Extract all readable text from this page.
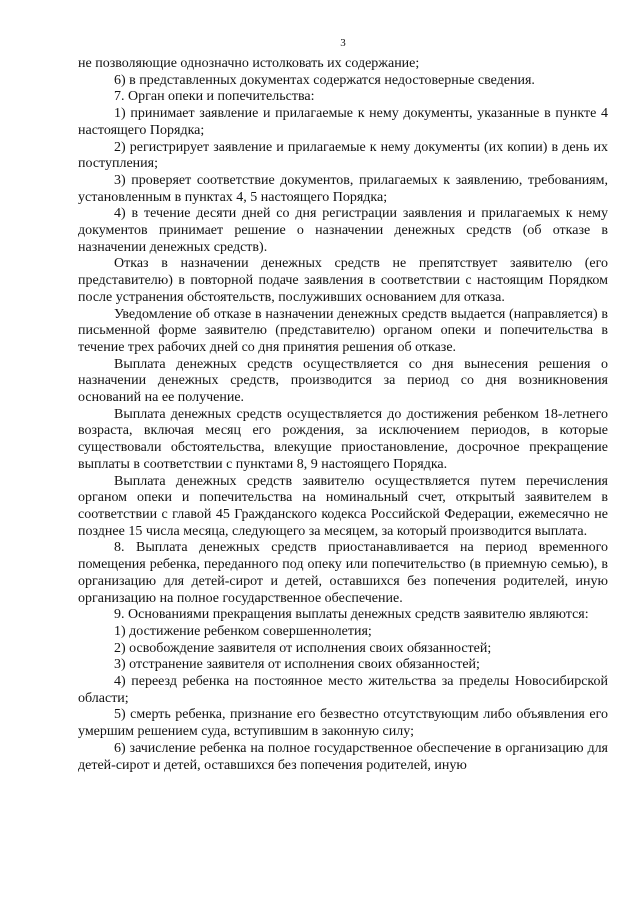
3

не позволяющие однозначно истолковать их содержание;

6) в представленных документах содержатся недостоверные сведения.

7. Орган опеки и попечительства:

1) принимает заявление и прилагаемые к нему документы, указанные в пункте 4 настоящего Порядка;

2) регистрирует заявление и прилагаемые к нему документы (их копии) в день их поступления;

3) проверяет соответствие документов, прилагаемых к заявлению, требованиям, установленным в пунктах 4, 5 настоящего Порядка;

4) в течение десяти дней со дня регистрации заявления и прилагаемых к нему документов принимает решение о назначении денежных средств (об отказе в назначении денежных средств).

Отказ в назначении денежных средств не препятствует заявителю (его представителю) в повторной подаче заявления в соответствии с настоящим Порядком после устранения обстоятельств, послуживших основанием для отказа.

Уведомление об отказе в назначении денежных средств выдается (направляется) в письменной форме заявителю (представителю) органом опеки и попечительства в течение трех рабочих дней со дня принятия решения об отказе.

Выплата денежных средств осуществляется со дня вынесения решения о назначении денежных средств, производится за период со дня возникновения оснований на ее получение.

Выплата денежных средств осуществляется до достижения ребенком 18-летнего возраста, включая месяц его рождения, за исключением периодов, в которые существовали обстоятельства, влекущие приостановление, досрочное прекращение выплаты в соответствии с пунктами 8, 9 настоящего Порядка.

Выплата денежных средств заявителю осуществляется путем перечисления органом опеки и попечительства на номинальный счет, открытый заявителем в соответствии с главой 45 Гражданского кодекса Российской Федерации, ежемесячно не позднее 15 числа месяца, следующего за месяцем, за который производится выплата.

8. Выплата денежных средств приостанавливается на период временного помещения ребенка, переданного под опеку или попечительство (в приемную семью), в организацию для детей-сирот и детей, оставшихся без попечения родителей, иную организацию на полное государственное обеспечение.

9. Основаниями прекращения выплаты денежных средств заявителю являются:

1) достижение ребенком совершеннолетия;

2) освобождение заявителя от исполнения своих обязанностей;

3) отстранение заявителя от исполнения своих обязанностей;

4) переезд ребенка на постоянное место жительства за пределы Новосибирской области;

5) смерть ребенка, признание его безвестно отсутствующим либо объявления его умершим решением суда, вступившим в законную силу;

6) зачисление ребенка на полное государственное обеспечение в организацию для детей-сирот и детей, оставшихся без попечения родителей, иную
